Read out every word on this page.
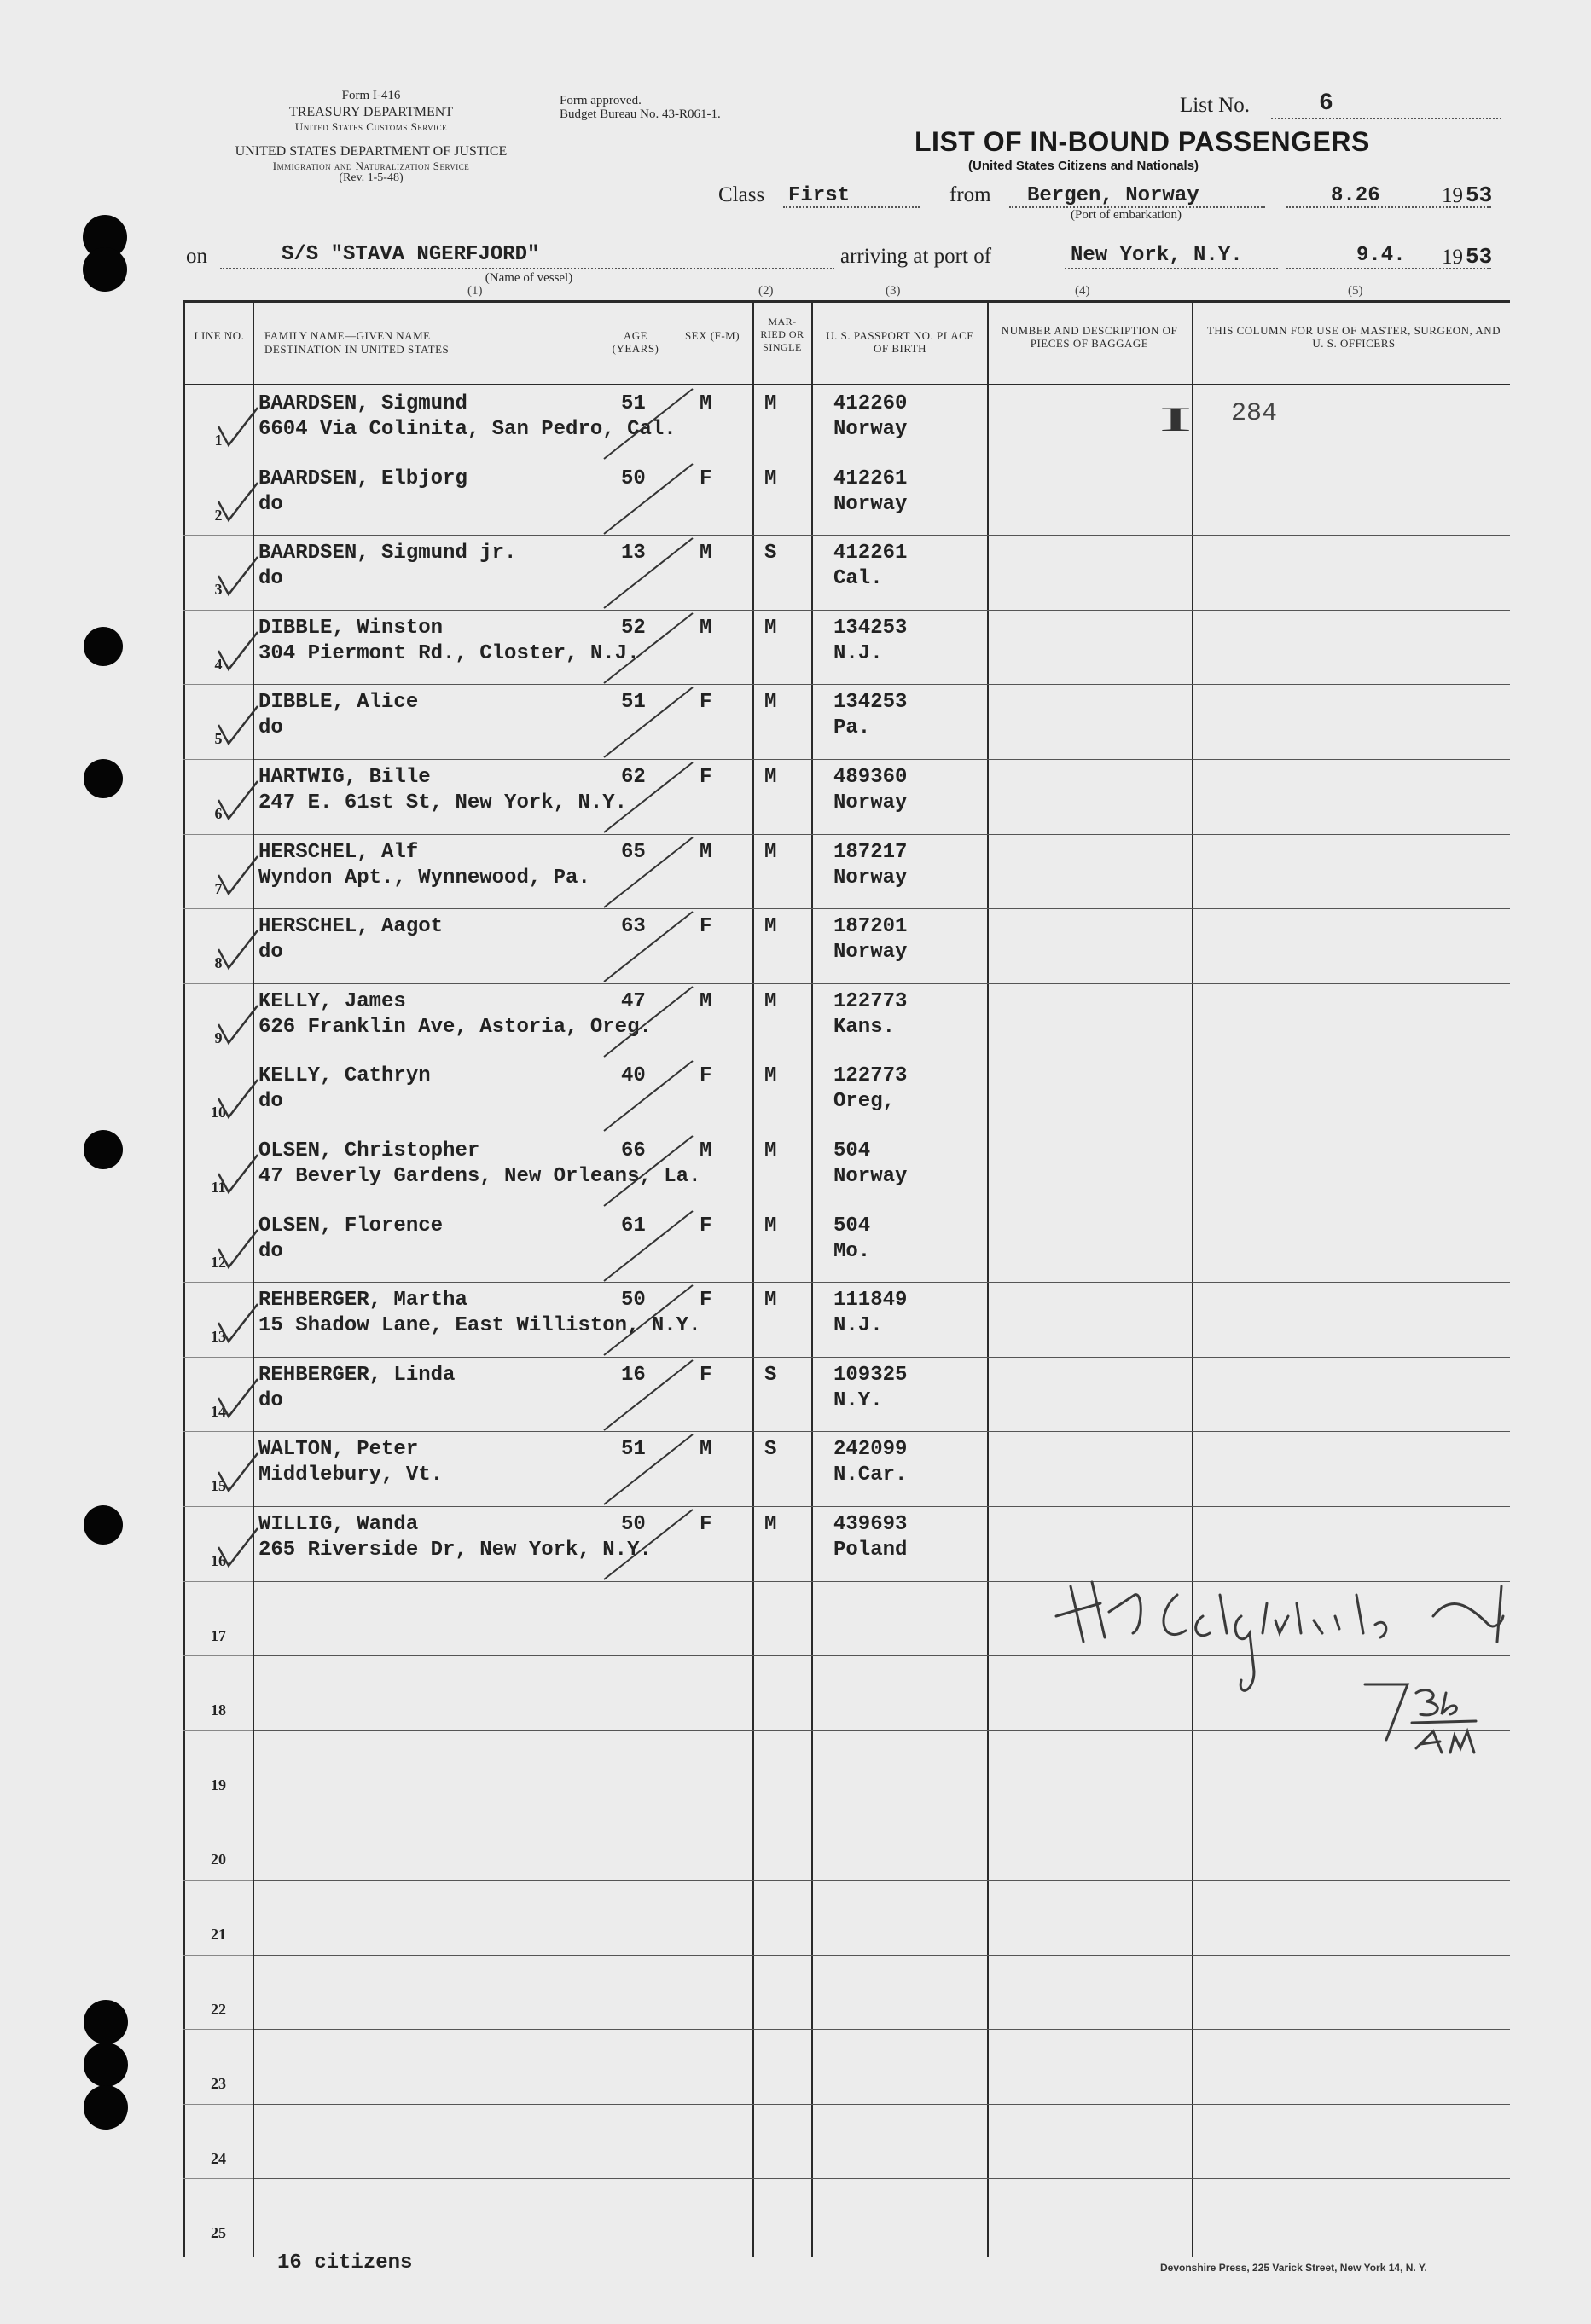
Form I-416
TREASURY DEPARTMENT
United States Customs Service
UNITED STATES DEPARTMENT OF JUSTICE
Immigration and Naturalization Service
(Rev. 1-5-48)
Form approved.
Budget Bureau No. 43-R061-1.	List No.	6
LIST OF IN-BOUND PASSENGERS
(United States Citizens and Nationals)
Class First	from Bergen, Norway
(Port of embarkation)
8.26	19 53
on	S/S "STAVA NGERFJORD"
(Name of vessel)
arriving at port of	New York, N.Y.	9.4. 19 53
(1)	(2)	(3)	(4)	(5)
LINE NO.	FAMILY NAME—GIVEN NAME
DESTINATION IN UNITED STATES
AGE (YEARS)
SEX (F-M)
MAR- RIED OR SINGLE
U. S. PASSPORT NO. PLACE OF BIRTH
NUMBER AND DESCRIPTION OF PIECES OF BAGGAGE
THIS COLUMN FOR USE OF MASTER, SURGEON, AND U. S. OFFICERS
1
BAARDSEN, Sigmund
6604 Via Colinita, San Pedro, Cal.
51	M	M	412260
Norway	I 284
2
BAARDSEN, Elbjorg
do
50	F	M	412261
Norway
3
BAARDSEN, Sigmund jr.
do
13	M	S	412261
Cal.
4
DIBBLE, Winston
304 Piermont Rd., Closter, N.J.
52	M	M	134253
N.J.
5
DIBBLE, Alice
do
51	F	M	134253
Pa.
6
HARTWIG, Bille
247 E. 61st St, New York, N.Y.
62	F	M	489360
Norway
7
HERSCHEL, Alf
Wyndon Apt., Wynnewood, Pa.
65	M	M	187217
Norway
8
HERSCHEL, Aagot
do
63	F	M	187201
Norway
9
KELLY, James
626 Franklin Ave, Astoria, Oreg.
47	M	M	122773
Kans.
10
KELLY, Cathryn
do
40	F	M	122773
Oreg,
11
OLSEN, Christopher
47 Beverly Gardens, New Orleans, La.
66	M	M	504
Norway
12
OLSEN, Florence
do
61	F	M	504
Mo.
13
REHBERGER, Martha
15 Shadow Lane, East Williston, N.Y.
50	F	M	111849
N.J.
14
REHBERGER, Linda
do
16	F	S	109325
N.Y.
15
WALTON, Peter
Middlebury, Vt.
51	M	S	242099
N.Car.
16
WILLIG, Wanda
265 Riverside Dr, New York, N.Y.
50	F	M	439693
Poland
17
18
19
20
21
22
23
24
25
16 citizens	Devonshire Press, 225 Varick Street, New York 14, N. Y.
